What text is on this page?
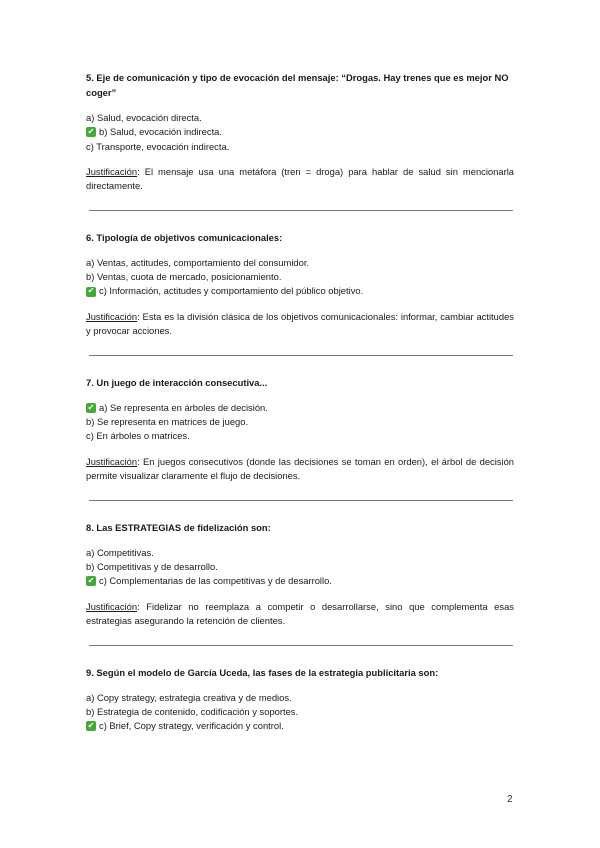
5. Eje de comunicación y tipo de evocación del mensaje: “Drogas. Hay trenes que es mejor NO coger”

a) Salud, evocación directa.
✔ b) Salud, evocación indirecta.
c) Transporte, evocación indirecta.
Justificación: El mensaje usa una metáfora (tren = droga) para hablar de salud sin mencionarla directamente.

6. Tipología de objetivos comunicacionales:

a) Ventas, actitudes, comportamiento del consumidor.
b) Ventas, cuota de mercado, posicionamiento.
✔ c) Información, actitudes y comportamiento del público objetivo.
Justificación: Esta es la división clásica de los objetivos comunicacionales: informar, cambiar actitudes y provocar acciones.

7. Un juego de interacción consecutiva...

✔ a) Se representa en árboles de decisión.
b) Se representa en matrices de juego.
c) En árboles o matrices.
Justificación: En juegos consecutivos (donde las decisiones se toman en orden), el árbol de decisión permite visualizar claramente el flujo de decisiones.

8. Las ESTRATEGIAS de fidelización son:

a) Competitivas.
b) Competitivas y de desarrollo.
✔ c) Complementarias de las competitivas y de desarrollo.
Justificación: Fidelizar no reemplaza a competir o desarrollarse, sino que complementa esas estrategias asegurando la retención de clientes.

9. Según el modelo de García Uceda, las fases de la estrategia publicitaria son:

a) Copy strategy, estrategia creativa y de medios.
b) Estrategia de contenido, codificación y soportes.
✔ c) Brief, Copy strategy, verificación y control.
2
